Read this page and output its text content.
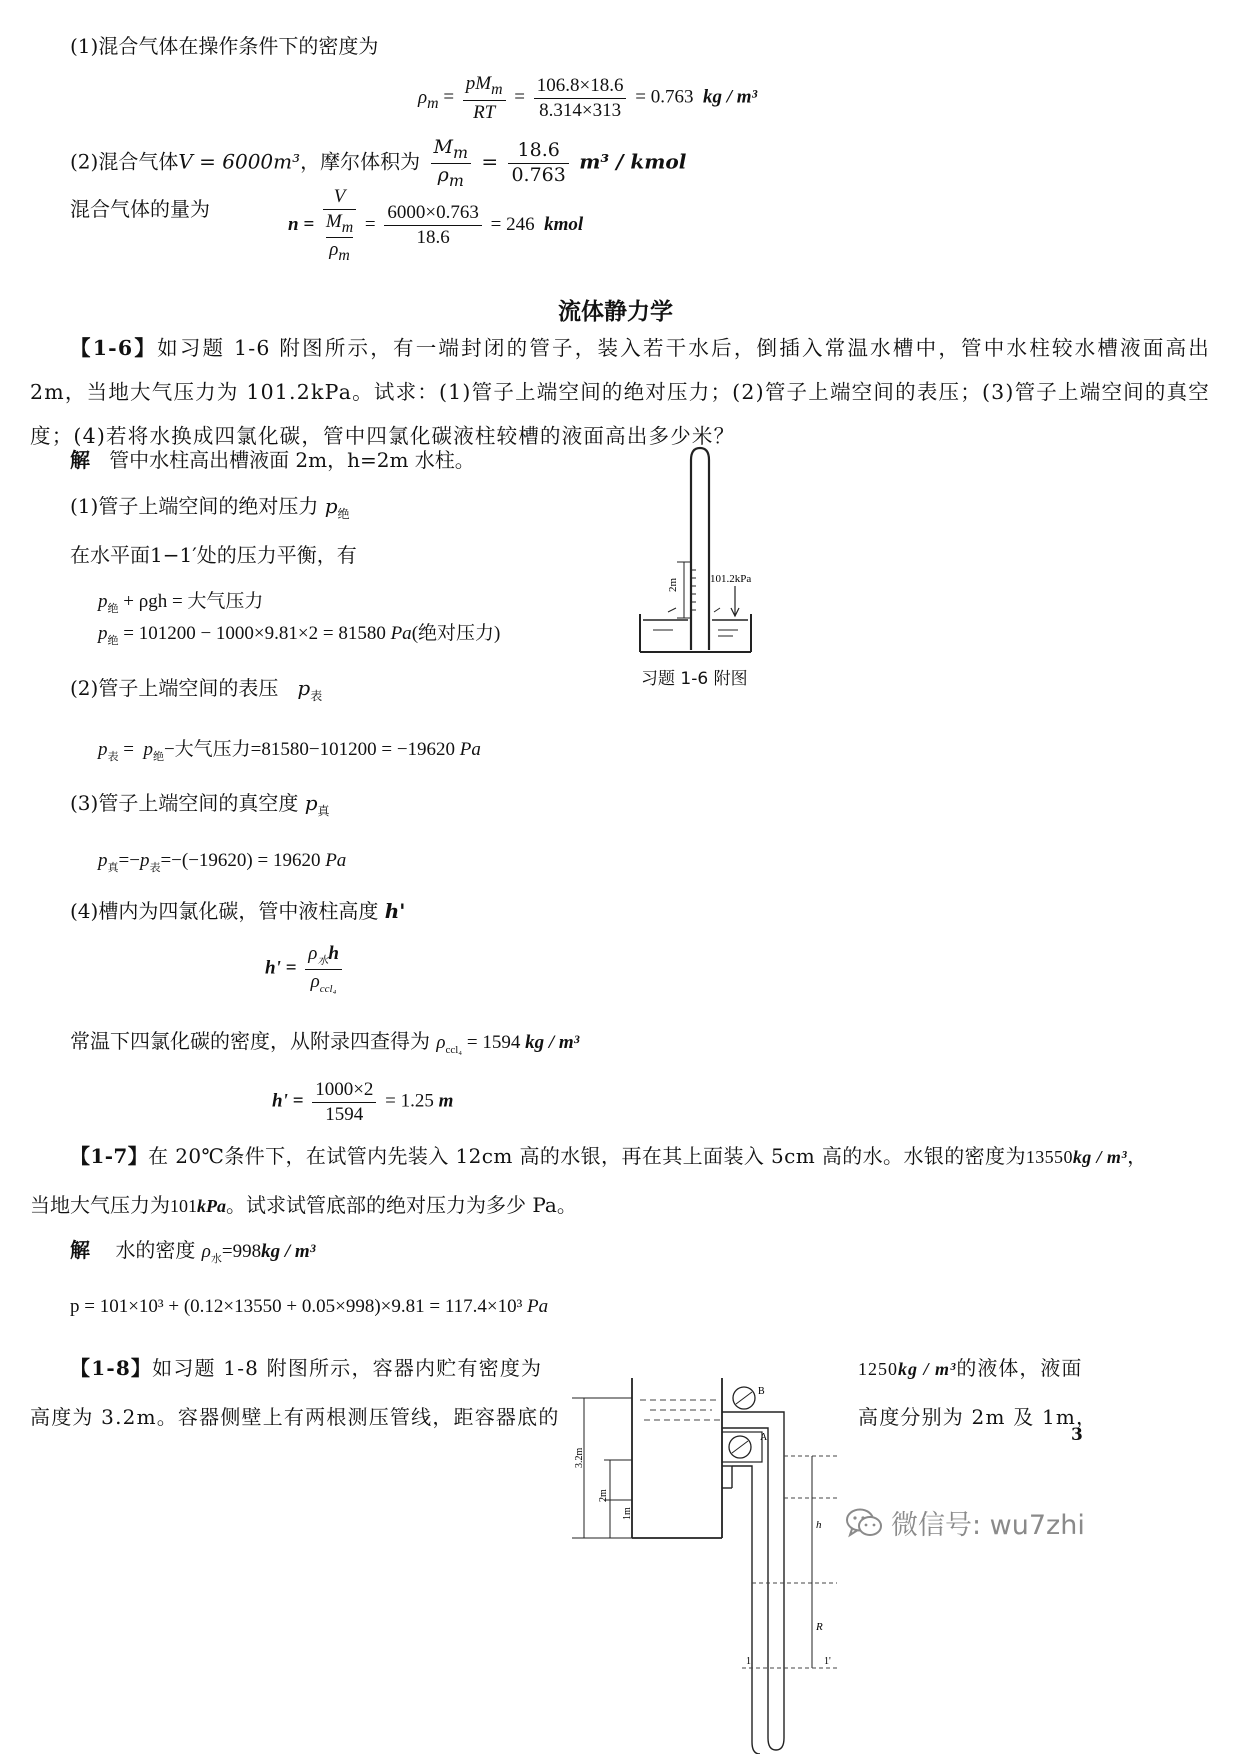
(1)混合气体在操作条件下的密度为
$\rho_m = \frac{pM_m}{RT} = \frac{106.8\times 18.6}{8.314\times 313} = 0.763$ kg / m³
(2)混合气体V = 6000m³，摩尔体积为 $\frac{M_m}{\rho_m} = \frac{18.6}{0.763} m^3$ / kmol
混合气体的量为
n = V
$M_m$
$\rho_m = \frac{6000\times 0.763}{18.6} = 246$ kmol
流体静力学
【1-6】如习题 1-6 附图所示，有一端封闭的管子，装入若干水后，倒插入常温水槽中，管中水柱较水槽液面高出 2m，当地大气压力为 101.2kPa。试求：(1)管子上端空间的绝对压力；(2)管子上端空间的表压；(3)管子上端空间的真空度；(4)若将水换成四氯化碳，管中四氯化碳液柱较槽的液面高出多少米？
解 管中水柱高出槽液面 2m，h=2m 水柱。
(1)管子上端空间的绝对压力 $p_绝$
在水平面1−1′处的压力平衡，有
$p_绝 + \rho gh$ = 大气压力
$p_绝 = 101200 - 1000\times 9.81\times 2 = 81580$ Pa(绝对压力)
(2)管子上端空间的表压 $p_表$
$p_表 = p_绝-$大气压力=81580−101200 = −19620 Pa
(3)管子上端空间的真空度 $p_真$
$p_真=-p_表=-(-19620) = 19620$ Pa
(4)槽内为四氯化碳，管中液柱高度 h'
$h' = \frac{\rho_水h}{\rho_{ccl_4}}$
常温下四氯化碳的密度，从附录四查得为 $\rho_{ccl_4} = 1594$ kg / m³
$h' = \frac{1000\times 2}{1594} = 1.25$ m
2m	101.2kPa
习题 1-6 附图
【1-7】在 20℃条件下，在试管内先装入 12cm 高的水银，再在其上面装入 5cm 高的水。水银的密度为13550kg / m³，
当地大气压力为101kPa。试求试管底部的绝对压力为多少 Pa。
解 水的密度 $\rho_水=998kg / m^3$
p = 101×10³ + (0.12×13550 + 0.05×998)×9.81 = 117.4×10³ Pa
【1-8】如习题 1-8 附图所示，容器内贮有密度为	1250kg / m³的液体，液面
高度为 3.2m。容器侧壁上有两根测压管线，距容器底的	高度分别为 2m 及 1m，
3.2m
2m
1m
A
B
h
R
1	1'
3
微信号: wu7zhi
